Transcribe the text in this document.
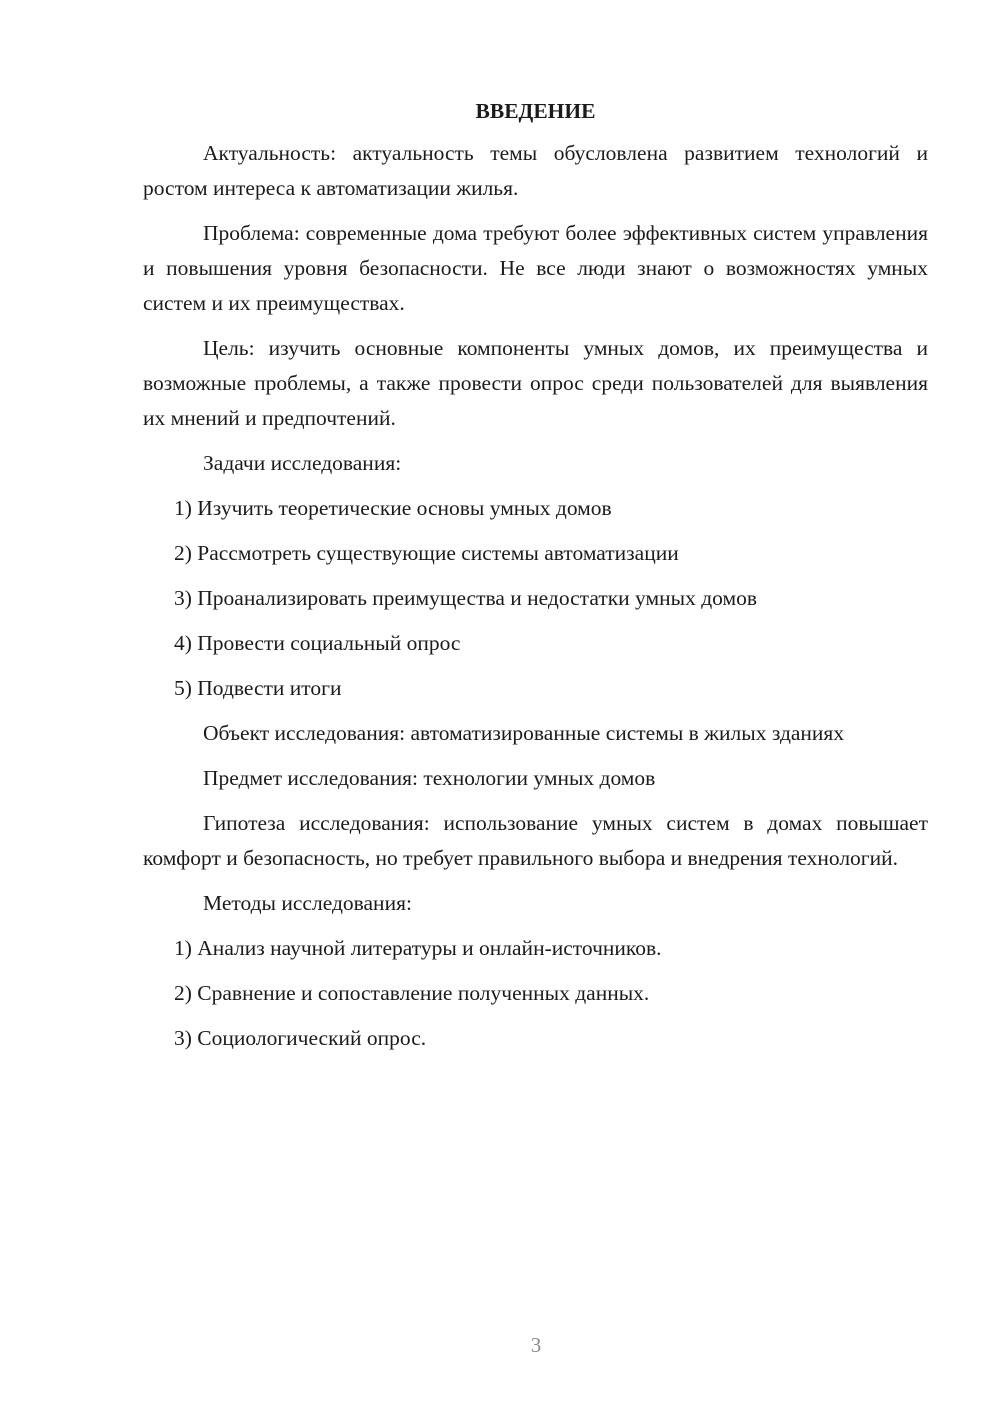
ВВЕДЕНИЕ

Актуальность: актуальность темы обусловлена развитием технологий и ростом интереса к автоматизации жилья.

Проблема: современные дома требуют более эффективных систем управления и повышения уровня безопасности. Не все люди знают о возможностях умных систем и их преимуществах.

Цель: изучить основные компоненты умных домов, их преимущества и возможные проблемы, а также провести опрос среди пользователей для выявления их мнений и предпочтений.

Задачи исследования:

1) Изучить теоретические основы умных домов

2) Рассмотреть существующие системы автоматизации

3) Проанализировать преимущества и недостатки умных домов

4) Провести социальный опрос

5) Подвести итоги

Объект исследования: автоматизированные системы в жилых зданиях

Предмет исследования: технологии умных домов

Гипотеза исследования: использование умных систем в домах повышает комфорт и безопасность, но требует правильного выбора и внедрения технологий.

Методы исследования:

1) Анализ научной литературы и онлайн-источников.

2) Сравнение и сопоставление полученных данных.

3) Социологический опрос.

3
